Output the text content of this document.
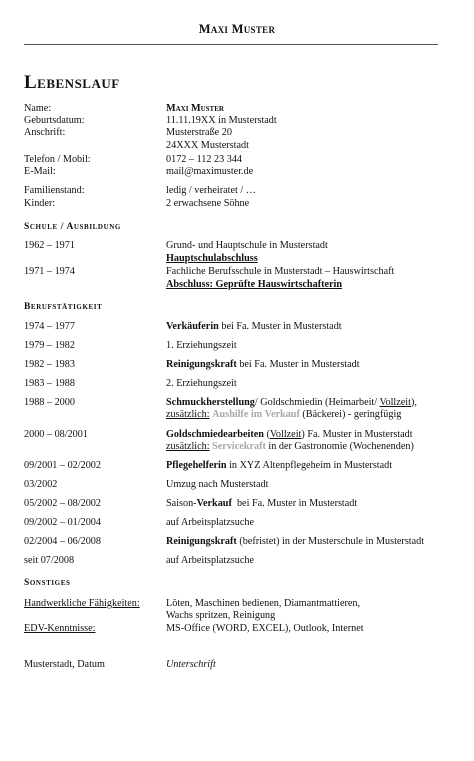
Maxi Muster
Lebenslauf
Name:	Maxi Muster
Geburtsdatum:	11.11.19XX in Musterstadt
Anschrift:	Musterstraße 20
24XXX Musterstadt
Telefon / Mobil:	0172 – 112 23 344
E-Mail:	mail@maximuster.de
Familienstand:	ledig / verheiratet / …
Kinder:	2 erwachsene Söhne
Schule / Ausbildung
1962 – 1971	Grund- und Hauptschule in Musterstadt
Hauptschulabschluss
1971 – 1974	Fachliche Berufsschule in Musterstadt – Hauswirtschaft
Abschluss: Geprüfte Hauswirtschafterin
Berufstätigkeit
1974 – 1977	Verkäuferin bei Fa. Muster in Musterstadt
1979 – 1982	1. Erziehungszeit
1982 – 1983	Reinigungskraft bei Fa. Muster in Musterstadt
1983 – 1988	2. Erziehungszeit
1988 – 2000	Schmuckherstellung/ Goldschmiedin (Heimarbeit/ Vollzeit),
zusätzlich: Aushilfe im Verkauf (Bäckerei) - geringfügig
2000 – 08/2001	Goldschmiedearbeiten (Vollzeit) Fa. Muster in Musterstadt
zusätzlich: Servicekraft in der Gastronomie (Wochenenden)
09/2001 – 02/2002	Pflegehelferin in XYZ Altenpflegeheim in Musterstadt
03/2002	Umzug nach Musterstadt
05/2002 – 08/2002	Saison-Verkauf  bei Fa. Muster in Musterstadt
09/2002 – 01/2004	auf Arbeitsplatzsuche
02/2004 – 06/2008	Reinigungskraft (befristet) in der Musterschule in Musterstadt
seit 07/2008	auf Arbeitsplatzsuche
Sonstiges
Handwerkliche Fähigkeiten:	Löten, Maschinen bedienen, Diamantmattieren,
Wachs spritzen, Reinigung
EDV-Kenntnisse:	MS-Office (WORD, EXCEL), Outlook, Internet
Musterstadt, Datum	Unterschrift
